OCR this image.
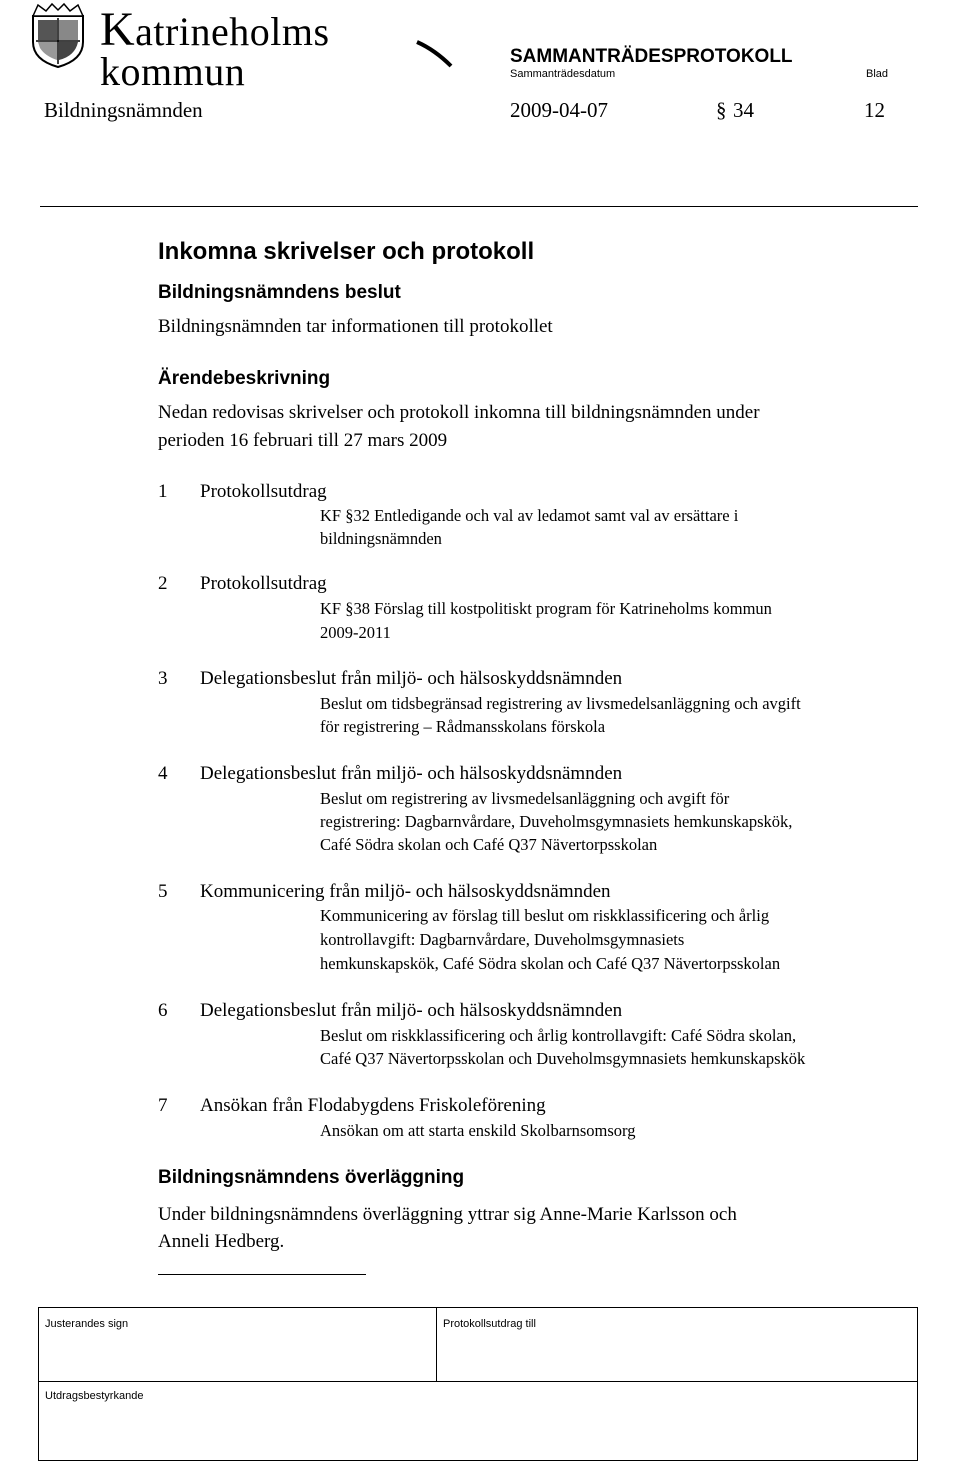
Katrineholms kommun	SAMMANTRÄDESPROTOKOLL
Sammanträdesdatum	Blad
Bildningsnämnden	2009-04-07	§ 34	12
Inkomna skrivelser och protokoll
Bildningsnämndens beslut
Bildningsnämnden tar informationen till protokollet
Ärendebeskrivning
Nedan redovisas skrivelser och protokoll inkomna till bildningsnämnden under
perioden 16 februari till 27 mars 2009
1 Protokollsutdrag
KF §32 Entledigande och val av ledamot samt val av ersättare i
bildningsnämnden
2 Protokollsutdrag
KF §38 Förslag till kostpolitiskt program för Katrineholms kommun
2009-2011
3 Delegationsbeslut från miljö- och hälsoskyddsnämnden
Beslut om tidsbegränsad registrering av livsmedelsanläggning och avgift
för registrering – Rådmansskolans förskola
4 Delegationsbeslut från miljö- och hälsoskyddsnämnden
Beslut om registrering av livsmedelsanläggning och avgift för
registrering: Dagbarnvårdare, Duveholmsgymnasiets hemkunskapskök,
Café Södra skolan och Café Q37 Nävertorpsskolan
5 Kommunicering från miljö- och hälsoskyddsnämnden
Kommunicering av förslag till beslut om riskklassificering och årlig
kontrollavgift: Dagbarnvårdare, Duveholmsgymnasiets
hemkunskapskök, Café Södra skolan och Café Q37 Nävertorpsskolan
6 Delegationsbeslut från miljö- och hälsoskyddsnämnden
Beslut om riskklassificering och årlig kontrollavgift: Café Södra skolan,
Café Q37 Nävertorpsskolan och Duveholmsgymnasiets hemkunskapskök
7 Ansökan från Flodabygdens Friskoleförening
Ansökan om att starta enskild Skolbarnsomsorg
Bildningsnämndens överläggning
Under bildningsnämndens överläggning yttrar sig Anne-Marie Karlsson och
Anneli Hedberg.
Justerandes sign	Protokollsutdrag till
Utdragsbestyrkande
